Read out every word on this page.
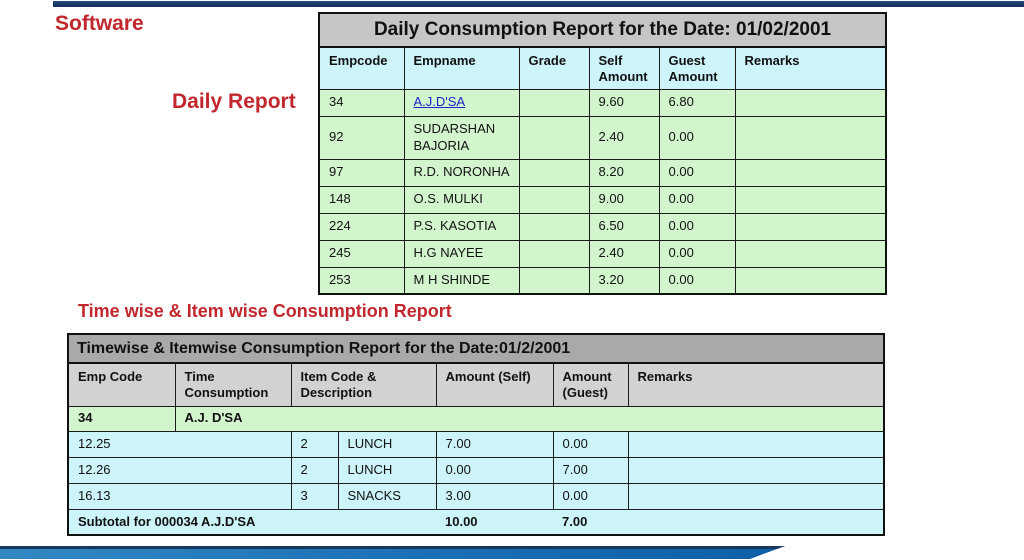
Software
Daily Report
Time wise & Item wise Consumption Report
Daily Consumption Report for the Date: 01/02/2001					
Empcode	Empname	Grade	Self Amount	Guest Amount	Remarks
34	A.J.D'SA		9.60	6.80	
92	SUDARSHAN BAJORIA		2.40	0.00	
97	R.D. NORONHA		8.20	0.00	
148	O.S. MULKI		9.00	0.00	
224	P.S. KASOTIA		6.50	0.00	
245	H.G NAYEE		2.40	0.00	
253	M H SHINDE		3.20	0.00	
Timewise & Itemwise Consumption Report for the Date:01/2/2001						
Emp Code	Time Consumption	Item Code & Description		Amount (Self)	Amount (Guest)	Remarks
34	A.J. D'SA					
12.25		2	LUNCH	7.00	0.00	
12.26		2	LUNCH	0.00	7.00	
16.13		3	SNACKS	3.00	0.00	
Subtotal for 000034 A.J.D'SA				10.00	7.00	
